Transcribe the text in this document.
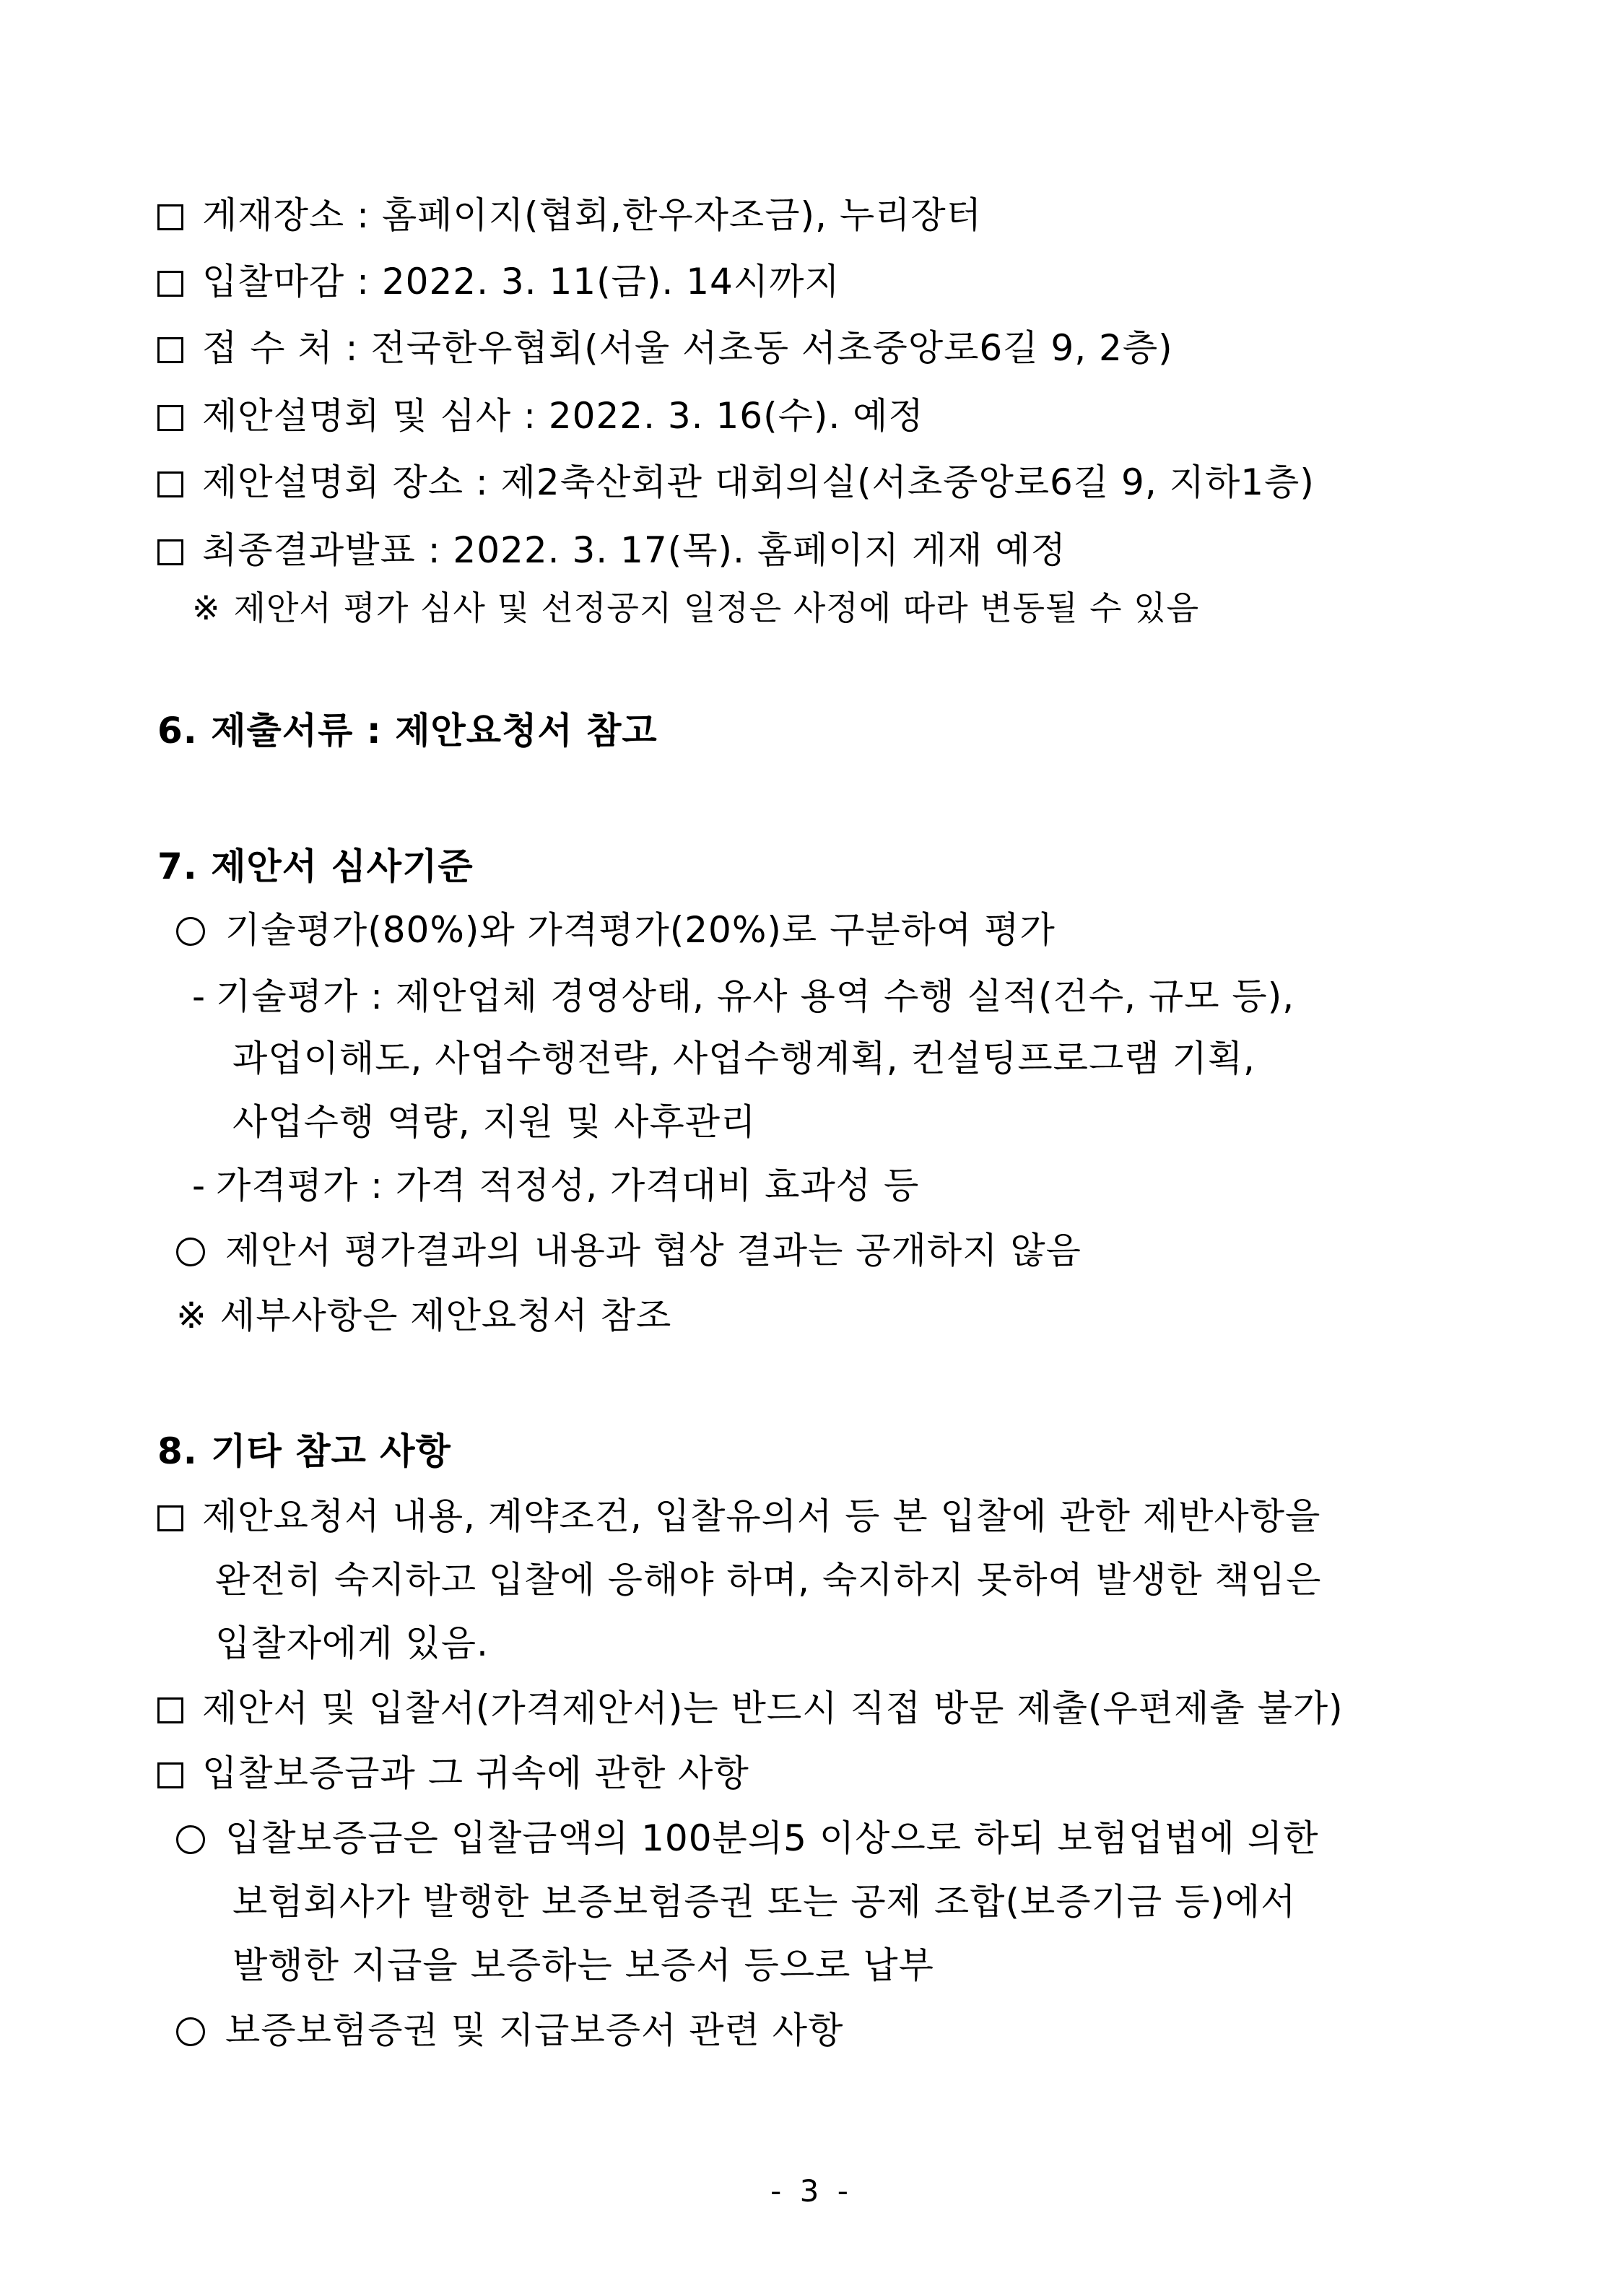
게재장소 : 홈페이지(협회,한우자조금), 누리장터
입찰마감 : 2022. 3. 11(금). 14시까지
접 수 처 : 전국한우협회(서울 서초동 서초중앙로6길 9, 2층)
제안설명회 및 심사 : 2022. 3. 16(수). 예정
제안설명회 장소 : 제2축산회관 대회의실(서초중앙로6길 9, 지하1층)
최종결과발표 : 2022. 3. 17(목). 홈페이지 게재 예정
※ 제안서 평가 심사 및 선정공지 일정은 사정에 따라 변동될 수 있음
6. 제출서류 : 제안요청서 참고
7. 제안서 심사기준
기술평가(80%)와 가격평가(20%)로 구분하여 평가
- 기술평가 : 제안업체 경영상태, 유사 용역 수행 실적(건수, 규모 등),
과업이해도, 사업수행전략, 사업수행계획, 컨설팅프로그램 기획,
사업수행 역량, 지원 및 사후관리
- 가격평가 : 가격 적정성, 가격대비 효과성 등
제안서 평가결과의 내용과 협상 결과는 공개하지 않음
※ 세부사항은 제안요청서 참조
8. 기타 참고 사항
제안요청서 내용, 계약조건, 입찰유의서 등 본 입찰에 관한 제반사항을
완전히 숙지하고 입찰에 응해야 하며, 숙지하지 못하여 발생한 책임은
입찰자에게 있음.
제안서 및 입찰서(가격제안서)는 반드시 직접 방문 제출(우편제출 불가)
입찰보증금과 그 귀속에 관한 사항
입찰보증금은 입찰금액의 100분의5 이상으로 하되 보험업법에 의한
보험회사가 발행한 보증보험증권 또는 공제 조합(보증기금 등)에서
발행한 지급을 보증하는 보증서 등으로 납부
보증보험증권 및 지급보증서 관련 사항
- 3 -
